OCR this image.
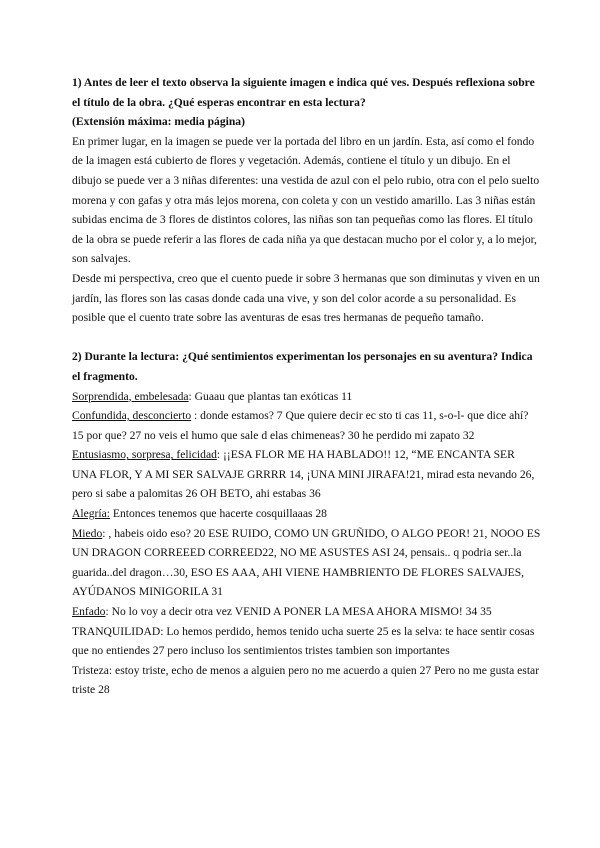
1) Antes de leer el texto observa la siguiente imagen e indica qué ves. Después reflexiona sobre el título de la obra. ¿Qué esperas encontrar en esta lectura?

(Extensión máxima: media página)

En primer lugar, en la imagen se puede ver la portada del libro en un jardín. Esta, así como el fondo de la imagen está cubierto de flores y vegetación. Además, contiene el título y un dibujo. En el dibujo se puede ver a 3 niñas diferentes: una vestida de azul con el pelo rubio, otra con el pelo suelto morena y con gafas y otra más lejos morena, con coleta y con un vestido amarillo. Las 3 niñas están subidas encima de 3 flores de distintos colores, las niñas son tan pequeñas como las flores. El título de la obra se puede referir a las flores de cada niña ya que destacan mucho por el color y, a lo mejor, son salvajes.

Desde mi perspectiva, creo que el cuento puede ir sobre 3 hermanas que son diminutas y viven en un jardín, las flores son las casas donde cada una vive, y son del color acorde a su personalidad. Es posible que el cuento trate sobre las aventuras de esas tres hermanas de pequeño tamaño.

2) Durante la lectura: ¿Qué sentimientos experimentan los personajes en su aventura? Indica el fragmento.

Sorprendida, embelesada: Guaau que plantas tan exóticas 11

Confundida, desconcierto : donde estamos? 7 Que quiere decir ec sto ti cas 11, s-o-l- que dice ahí? 15 por que? 27 no veis el humo que sale d elas chimeneas? 30 he perdido mi zapato 32

Entusiasmo, sorpresa, felicidad: ¡¡ESA FLOR ME HA HABLADO!! 12, “ME ENCANTA SER UNA FLOR, Y A MI SER SALVAJE GRRRR 14, ¡UNA MINI JIRAFA!21, mirad esta nevando 26, pero si sabe a palomitas 26 OH BETO, ahi estabas 36

Alegría: Entonces tenemos que hacerte cosquillaaas 28

Miedo: , habeis oido eso? 20 ESE RUIDO, COMO UN GRUÑIDO, O ALGO PEOR! 21, NOOO ES UN DRAGON CORREEED CORREED22, NO ME ASUSTES ASI 24, pensais.. q podria ser..la guarida..del dragon…30, ESO ES AAA, AHI VIENE HAMBRIENTO DE FLORES SALVAJES, AYÚDANOS MINIGORILA 31

Enfado: No lo voy a decir otra vez VENID A PONER LA MESA AHORA MISMO! 34 35

TRANQUILIDAD: Lo hemos perdido, hemos tenido ucha suerte 25 es la selva: te hace sentir cosas que no entiendes 27 pero incluso los sentimientos tristes tambien son importantes

Tristeza: estoy triste, echo de menos a alguien pero no me acuerdo a quien 27 Pero no me gusta estar triste 28
